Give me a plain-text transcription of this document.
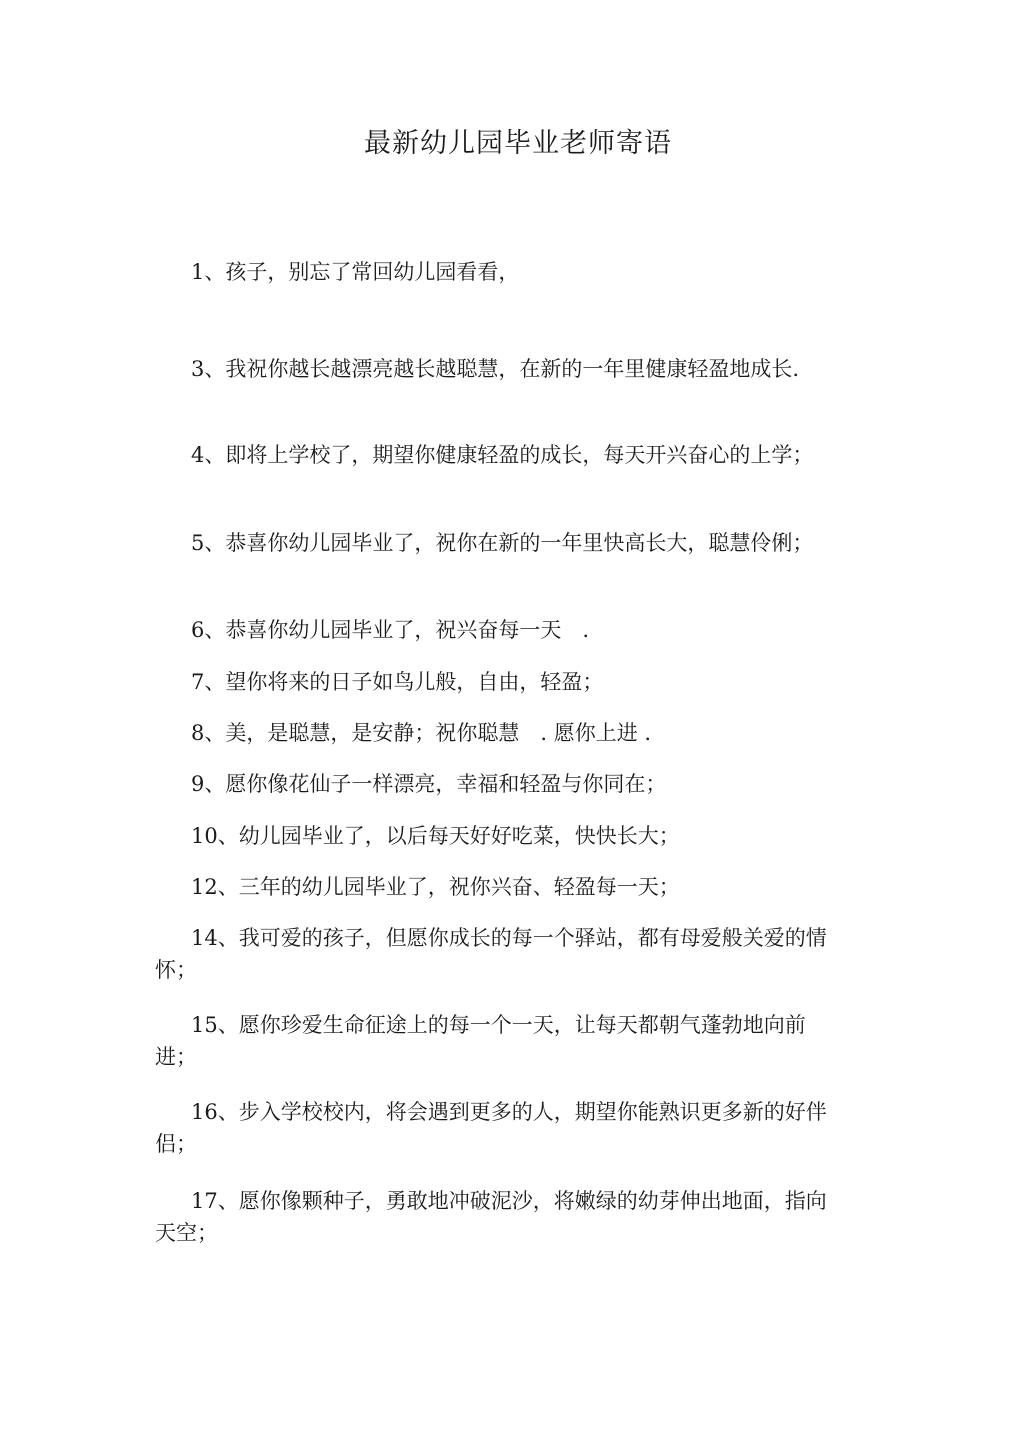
最新幼儿园毕业老师寄语
1、孩子，别忘了常回幼儿园看看，
3、我祝你越长越漂亮越长越聪慧，在新的一年里健康轻盈地成长.
4、即将上学校了，期望你健康轻盈的成长，每天开兴奋心的上学；
5、恭喜你幼儿园毕业了，祝你在新的一年里快高长大，聪慧伶俐；
6、恭喜你幼儿园毕业了，祝兴奋每一天　.
7、望你将来的日子如鸟儿般，自由，轻盈；
8、美，是聪慧，是安静；祝你聪慧　. 愿你上进 .
9、愿你像花仙子一样漂亮，幸福和轻盈与你同在；
10、幼儿园毕业了，以后每天好好吃菜，快快长大；
12、三年的幼儿园毕业了，祝你兴奋、轻盈每一天；
14、我可爱的孩子，但愿你成长的每一个驿站，都有母爱般关爱的情怀；
15、愿你珍爱生命征途上的每一个一天，让每天都朝气蓬勃地向前进；
16、步入学校校内，将会遇到更多的人，期望你能熟识更多新的好伴侣；
17、愿你像颗种子，勇敢地冲破泥沙，将嫩绿的幼芽伸出地面，指向天空；
